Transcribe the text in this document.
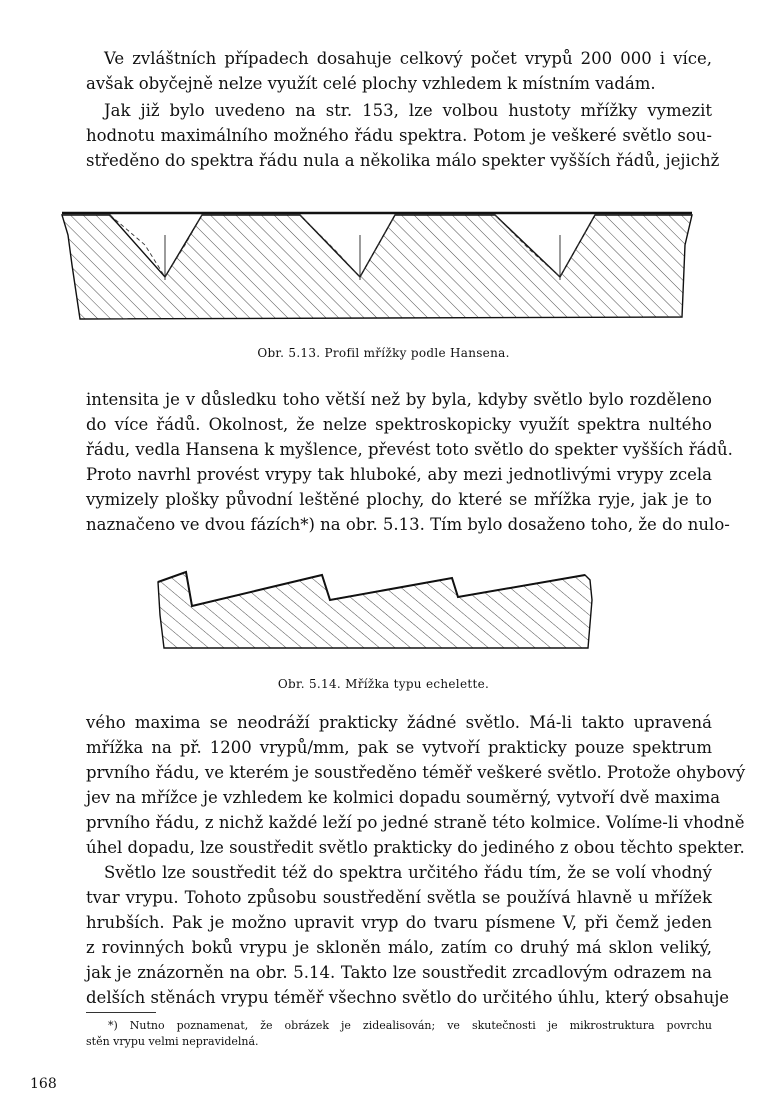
Ve zvláštních případech dosahuje celkový počet vrypů 200 000 i více,
avšak obyčejně nelze využít celé plochy vzhledem k místním vadám.

Jak již bylo uvedeno na str. 153, lze volbou hustoty mřížky vymezit
hodnotu maximálního možného řádu spektra. Potom je veškeré světlo sou-
středěno do spektra řádu nula a několika málo spekter vyšších řádů, jejichž

Obr. 5.13. Profil mřížky podle Hansena.

intensita je v důsledku toho větší než by byla, kdyby světlo bylo rozděleno
do více řádů. Okolnost, že nelze spektroskopicky využít spektra nultého
řádu, vedla Hansena k myšlence, převést toto světlo do spekter vyšších řádů.
Proto navrhl provést vrypy tak hluboké, aby mezi jednotlivými vrypy zcela
vymizely plošky původní leštěné plochy, do které se mřížka ryje, jak je to
naznačeno ve dvou fázích*) na obr. 5.13. Tím bylo dosaženo toho, že do nulo-

Obr. 5.14. Mřížka typu echelette.

vého maxima se neodráží prakticky žádné světlo. Má-li takto upravená
mřížka na př. 1200 vrypů/mm, pak se vytvoří prakticky pouze spektrum
prvního řádu, ve kterém je soustředěno téměř veškeré světlo. Protože ohybový
jev na mřížce je vzhledem ke kolmici dopadu souměrný, vytvoří dvě maxima
prvního řádu, z nichž každé leží po jedné straně této kolmice. Volíme-li vhodně
úhel dopadu, lze soustředit světlo prakticky do jediného z obou těchto spekter.

Světlo lze soustředit též do spektra určitého řádu tím, že se volí vhodný
tvar vrypu. Tohoto způsobu soustředění světla se používá hlavně u mřížek
hrubších. Pak je možno upravit vryp do tvaru písmene V, při čemž jeden
z rovinných boků vrypu je skloněn málo, zatím co druhý má sklon veliký,
jak je znázorněn na obr. 5.14. Takto lze soustředit zrcadlovým odrazem na
delších stěnách vrypu téměř všechno světlo do určitého úhlu, který obsahuje

*) Nutno poznamenat, že obrázek je zidealisován; ve skutečnosti je mikrostruktura povrchu
stěn vrypu velmi nepravidelná.
168
